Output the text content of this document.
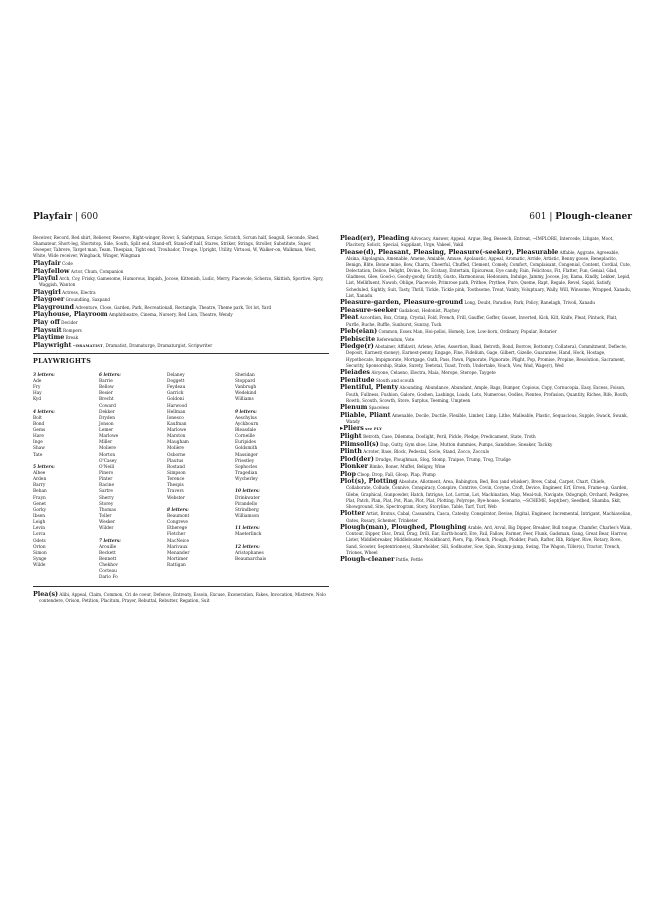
Playfair | 600

Receiver, Record, Red shirt, Reliever, Reserve, Right-winger, Rover, S, Safetyman, Scrape, Scratch, Scrum half, Seagull, Seconde, Shed, Shamateur, Short-leg, Shortstop, Side, South, Split end, Stand-off, Stand-off half, Stares, Striker, Strings, Stroller, Substitute, Super, Sweeper, Tabrere, Target man, Team, Thespian, Tight end, Troubador, Troupe, Upright, Utility, Virtuosi, W, Walker-on, Walkman, West, White, Wide receiver, Wingback, Winger, Wingman

Playfair Code

Playfellow Actor, Chum, Companion

Playful Arch, Coy, Frisky, Gamesome, Humorous, Impish, Jocose, Kittenish, Ludic, Merry, Piacevole, Scherzo, Skittish, Sportive, Spry, Waggish, Wanton

Playgirl Actress, Electra

Playgoer Groundling, Saxpand

Playground Adventure, Close, Garden, Park, Recreationall, Rectangle, Theatre, Theme park, Tot lot, Yard

Playhouse, Playroom Amphitheatre, Cinema, Nursery, Red Lion, Theatre, Wendy

Play off Decider

Playsuit Rompers

Playtime Break

Playwright →DRAMATIST, Dramatist, Dramaturge, Dramaturgist, Scripwriter

PLAYWRIGHTS
3 letters:
Ade
Fry
Hay
Kyd
4 letters:
Bolt
Bond
Gems
Hare
Inge
Shaw
Tate
5 letters:
Albee
Arden
Barry
Behan
Frayn
Genet
Gorky
Ibsen
Leigh
Levin
Lorca
Odets
Orton
Simon
Synge
Wilde
6 letters:
Barrie
Bellow
Besier
Brecht
Coward
Dekker
Dryden
Jonson
Lemer
Marlowe
Miller
Moliere
Morton
O'Casey
O'Neill
Pinero
Pinter
Racine
Sartre
Sherry
Storey
Thomas
Toller
Wesker
Wilder
7 letters:
Arouille
Beckett
Bennett
Chekhov
Cocteau
Dario Fo
Delaney
Doggett
Feydeau
Garrick
Goldoni
Harwood
Hellman
Ionesco
Kaufman
Marlowe
Marston
Maugham
Molière
Osborne
Plautus
Rostand
Simpson
Terence
Thespis
Travers
Webster
8 letters:
Beaumont
Congreve
Etherege
Fletcher
MacNeice
Marivaux
Menander
Mortimer
Rattigan
Sheridan
Stoppard
Vanbrugh
Wedekind
Williams
9 letters:
Aeschylus
Ayckbourn
Bleasdale
Corneille
Euripides
Goldsmith
Massinger
Priestley
Sophocles
Tragedian
Wycherley
10 letters:
Drinkwater
Pirandello
Strindberg
Williamson
11 letters:
Maeterlinck
12 letters:
Aristophanes
Beaumarchais

Plea(s) Alibi, Appeal, Claim, Common, Cri de coeur, Defence, Entreaty, Essoin, Excuse, Exoneration, Fakes, Invocation, Mistrere, Nolo contendere, Orison, Petition, Placitum, Prayer, Rebuttal, Rebutter, Regation, Suit

601 | Plough-cleaner

Plead(er), Pleading Advocacy, Answer, Appeal, Argue, Beg, Beseech, Entreat, →IMPLORE, Intercede, Litigate, Moot, Placitory, Solicit, Special, Suppliant, Urge, Vakeel, Vakil

Please(d), Pleasant, Pleasing, Pleasure(-seeker), Pleasurable Affable, Aggrate, Agreeable, Alsina, Algolagnia, Amenable, Amene, Amiable, Amuse, Apolaustic, Appeal, Aromatic, Arride, Artistic, Benny goose, Beneplacito, Benign, Blite, Bonne mine, Bow, Charm, Cheerful, Chuffed, Clement, Comely, Comfort, Complaisant, Congenial, Content, Cordial, Cute, Delectation, Delice, Delight, Divine, Do, Ecstasy, Entertain, Epicurean, Eye candy, Fain, Felicitous, Fit, Flatter, Fun, Genial, Glad, Gladness, Glee, Good-o, Goody-goody, Gratify, Gusto, Harmonious, Hedonism, Indulge, Jammy, Jocose, Joy, Kama, Kindly, Lekker, Lepid, List, Mellifluent, Nawob, Oblige, Piacevole, Primrose path, Prithee, Prythee, Pure, Queme, Rapt, Regale, Revel, Sapid, Satisfy, Scheduled, Sightly, Suit, Tasty, Thrill, Tickle, Tickle pink, Toothsome, Treat, Vanity, Voluptuary, Wally, Will, Winsome, Wrapped, Xanadu, List, Xanadu

Pleasure-garden, Pleasure-ground Long, Doubt, Paradise, Park, Policy, Ranelagh, Trivoli, Xanadu

Pleasure-seeker Gadabout, Hedonist, Playboy

Pleat Accordion, Box, Crimp, Crystal, Fold, French, Frill, Gauffer, Goffer, Gusset, Inverted, Kick, Kilt, Knife, Pleat, Pintuck, Plait, Purfle, Ruche, Ruffle, Sunburst, Sunray, Tuck

Pleb(eian) Common, Essex Man, Hoi-polloi, Homely, Low, Low-born, Ordinary, Popular, Rotarier

Plebiscite Referendum, Vote

Pledge(r) Abstainer, Affidavit, Arlene, Arles, Assertion, Band, Betroth, Bond, Borrow, Bottomry, Collateral, Commitment, Deflecte, Deposit, Earnest(-money), Earnest-penny, Engage, Fine, Fidelium, Gage, Gilbert, Gizelle, Guarantee, Hand, Hock, Hostage, Hypothecate, Impignorate, Mortgage, Oath, Pass, Pawn, Pignorate, Pignorate, Plight, Pop, Promise, Propine, Resolution, Sacrament, Security, Sponsorship, Stake, Surety, Teetotal, Toast, Troth, Undertake, Vouch, Vow, Wad, Wage(r), Wed

Pleiades Alcyone, Celaeno, Electra, Maia, Merope, Sterope, Taygete

Plenitude Stouth and scouth

Plentiful, Plenty Abounding, Abundance, Abundant, Ample, Bags, Bumper, Copious, Copy, Cornucopia, Easy, Excess, Foison, Fouth, Fullness, Fushion, Galore, Goshen, Lashings, Loads, Lots, Numerous, Oodles, Pienteo, Profusion, Quantity, Riches, Rife, Routh, Rowth, Scouth, Scowth, Store, Surplus, Teeming, Umpteen

Plenum Spaceless

Pliable, Pliant Amenable, Docile, Ductile, Flexible, Limber, Limp, Lithe, Malleable, Plastic, Sequacious, Supple, Swack, Swank, Wandy

▸Pliers see PLY

Plight Betroth, Case, Dilemma, Doolight, Peril, Pickle, Pledge, Predicament, State, Troth

Plimsoll(s) Dap, Gutty, Gym shoe, Line, Mutton dummies, Pumps, Sandshoe, Sneaker, Tackky

Plinth Acroter, Base, Block, Pedestal, Socle, Stand, Zocco, Zocculo

Plod(der) Drudge, Ploughman, Slog, Stomp, Traipse, Trump, Trog, Trudge

Plonker Bimbo, Boner, Muffet, Beliguy, Wine

Plop Cloop, Drop, Fall, Gloop, Plap, Plump

Plot(s), Plotting Absolute, Allotment, Area, Babington, Bed, Box (and whisker), Brew, Cabal, Carpet, Chart, Chiefe, Collaborate, Collude, Connive, Conspiracy, Conspire, Contrive, Covin, Covyne, Croft, Device, Engineer, Erf, Erven, Frame-up, Garden, Glebe, Graphical, Gunpowder, Hatch, Intrigue, Lot, Lorran, Lot, Machination, Map, Meal-tub, Navigate, Odograph, Orchard, Pedigree, Plat, Patch, Plan, Plat, Pot, Plan, Plot, Plat, Plotting, Polyrope, Rye-house, Scenario, →SCHEME, Sept(ber), Seedbed, Shamba, Skit, Showground, Site, Spectrogram, Story, Storyline, Table, Tarf, Turf, Web

Plotter Artist, Brutus, Cabal, Cassandra, Casca, Catesby, Conspirator, Devise, Digital, Engineer, Incremental, Intrigant, Machiavelian, Oates, Rosary, Schemer, Trinketer

Plough(man), Ploughed, Ploughing Arable, Ard, Arval, Big Dipper, Breaker, Bull tongue, Chamfer, Charles's Wain, Contour, Dipper, Disc, Drail, Drag, Drill, Ear, Earth-board, Ere, Fail, Fallow, Farmer, Feer, Flunk, Gadsman, Gang, Great Bear, Harrow, Lister, Middlebreaker, Middlebuster, Mouldboard, Piers, Pip, Plench, Plough, Plodder, Push, Rafter, Rib, Ridger, Rive, Rotary, Rove, Sand, Scooter, Septentrione(s), Shareholder, Sill, Sodbuster, Sow, Spin, Stump-jump, Swing, The Wagon, Tiller(s), Tractor, Trench, Triones, Wheel

Plough-cleaner Pattle, Pettle
